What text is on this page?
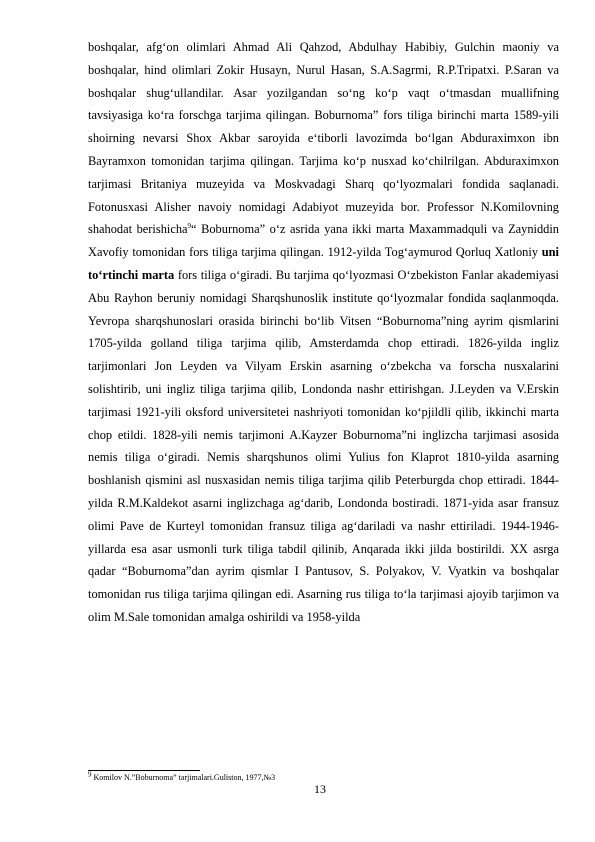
boshqalar, afg‘on olimlari Ahmad Ali Qahzod, Abdulhay Habibiy, Gulchin maoniy va boshqalar, hind olimlari Zokir Husayn, Nurul Hasan, S.A.Sagrmi, R.P.Tripatxi. P.Saran va boshqalar shug‘ullandilar. Asar yozilgandan so‘ng ko‘p vaqt o‘tmasdan muallifning tavsiyasiga ko‘ra forschga tarjima qilingan. Boburnoma” fors tiliga birinchi marta 1589-yili shoirning nevarsi Shox Akbar saroyida e‘tiborli lavozimda bo‘lgan Abduraximxon ibn Bayramxon tomonidan tarjima qilingan. Tarjima ko‘p nusxad ko‘chilrilgan. Abduraximxon tarjimasi Britaniya muzeyida va Moskvadagi Sharq qo‘lyozmalari fondida saqlanadi. Fotonusxasi Alisher navoiy nomidagi Adabiyot muzeyida bor. Professor N.Komilovning shahodat berishicha$^9$“ Boburnoma” o‘z asrida yana ikki marta Maxammadquli va Zayniddin Xavofiy tomonidan fors tiliga tarjima qilingan. 1912-yilda Tog‘aymurod Qorluq Xatloniy uni to‘rtinchi marta fors tiliga o‘giradi. Bu tarjima qo‘lyozmasi O‘zbekiston Fanlar akademiyasi Abu Rayhon beruniy nomidagi Sharqshunoslik institute qo‘lyozmalar fondida saqlanmoqda. Yevropa sharqshunoslari orasida birinchi bo‘lib Vitsen “Boburnoma”ning ayrim qismlarini 1705-yilda golland tiliga tarjima qilib, Amsterdamda chop ettiradi. 1826-yilda ingliz tarjimonlari Jon Leyden va Vilyam Erskin asarning o‘zbekcha va forscha nusxalarini solishtirib, uni ingliz tiliga tarjima qilib, Londonda nashr ettirishgan. J.Leyden va V.Erskin tarjimasi 1921-yili oksford universitetei nashriyoti tomonidan ko‘pjildli qilib, ikkinchi marta chop etildi. 1828-yili nemis tarjimoni A.Kayzer Boburnoma”ni inglizcha tarjimasi asosida nemis tiliga o‘giradi. Nemis sharqshunos olimi Yulius fon Klaprot 1810-yilda asarning boshlanish qismini asl nusxasidan nemis tiliga tarjima qilib Peterburgda chop ettiradi. 1844-yilda R.M.Kaldekot asarni inglizchaga ag‘darib, Londonda bostiradi. 1871-yida asar fransuz olimi Pave de Kurteyl tomonidan fransuz tiliga ag‘dariladi va nashr ettiriladi. 1944-1946-yillarda esa asar usmonli turk tiliga tabdil qilinib, Anqarada ikki jilda bostirildi. XX asrga qadar “Boburnoma”dan ayrim qismlar I Pantusov, S. Polyakov, V. Vyatkin va boshqalar tomonidan rus tiliga tarjima qilingan edi. Asarning rus tiliga to‘la tarjimasi ajoyib tarjimon va olim M.Sale tomonidan amalga oshirildi va 1958-yilda

$^9$ Komilov N.”Boburnoma” tarjimalari.Guliston, 1977,№3
13
